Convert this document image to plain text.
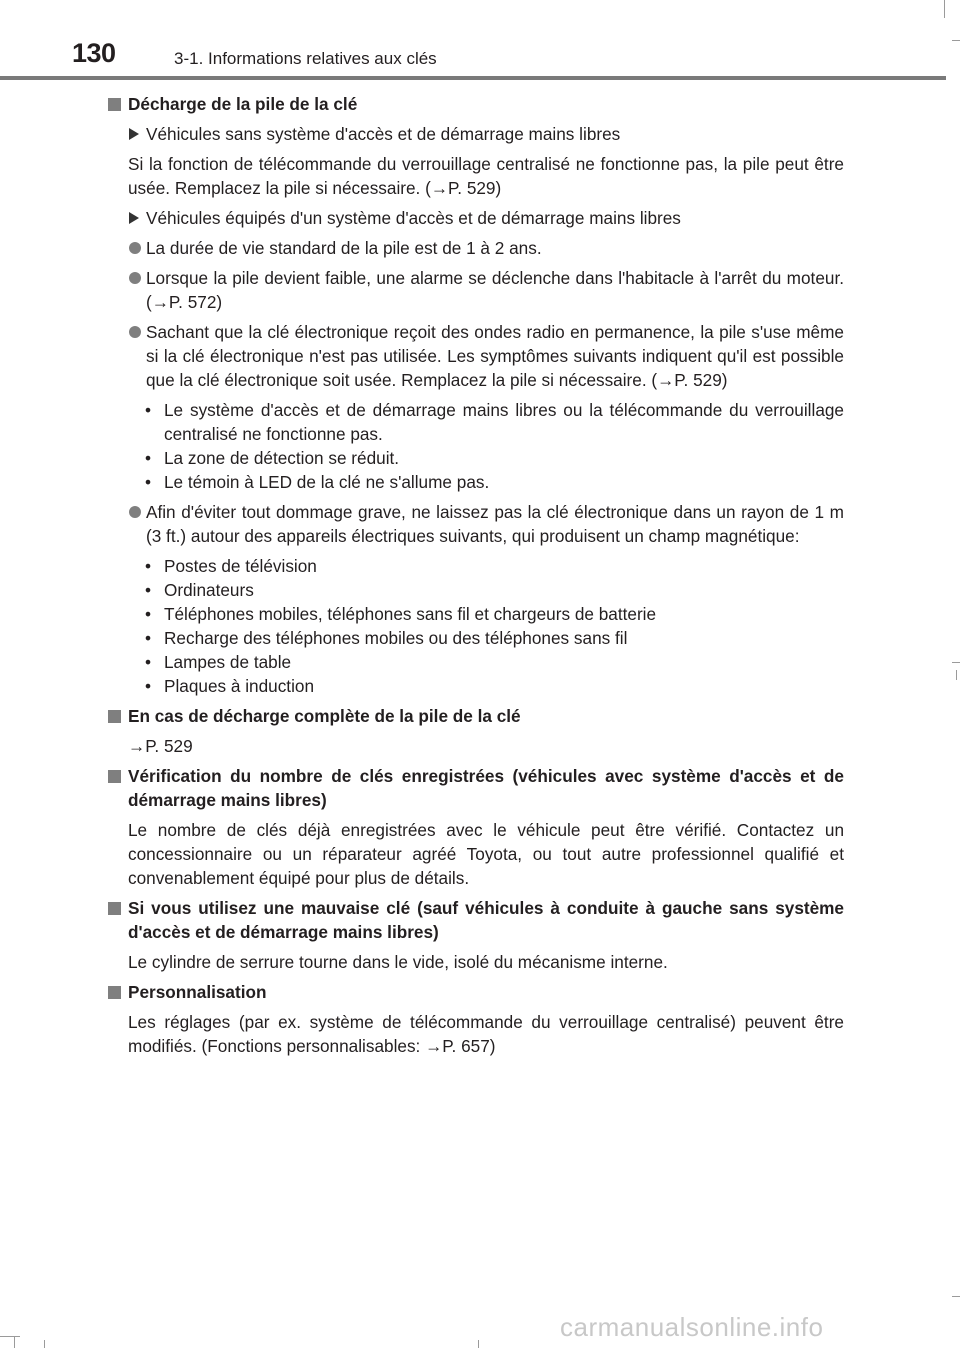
130	3-1. Informations relatives aux clés
Décharge de la pile de la clé
Véhicules sans système d'accès et de démarrage mains libres
Si la fonction de télécommande du verrouillage centralisé ne fonctionne pas, la pile peut être usée. Remplacez la pile si nécessaire. (→P. 529)
Véhicules équipés d'un système d'accès et de démarrage mains libres
La durée de vie standard de la pile est de 1 à 2 ans.
Lorsque la pile devient faible, une alarme se déclenche dans l'habitacle à l'arrêt du moteur. (→P. 572)
Sachant que la clé électronique reçoit des ondes radio en permanence, la pile s'use même si la clé électronique n'est pas utilisée. Les symptômes suivants indiquent qu'il est possible que la clé électronique soit usée. Remplacez la pile si nécessaire. (→P. 529)
• Le système d'accès et de démarrage mains libres ou la télécommande du verrouillage centralisé ne fonctionne pas.
• La zone de détection se réduit.
• Le témoin à LED de la clé ne s'allume pas.
Afin d'éviter tout dommage grave, ne laissez pas la clé électronique dans un rayon de 1 m (3 ft.) autour des appareils électriques suivants, qui produisent un champ magnétique:
• Postes de télévision
• Ordinateurs
• Téléphones mobiles, téléphones sans fil et chargeurs de batterie
• Recharge des téléphones mobiles ou des téléphones sans fil
• Lampes de table
• Plaques à induction
En cas de décharge complète de la pile de la clé
→P. 529
Vérification du nombre de clés enregistrées (véhicules avec système d'accès et de démarrage mains libres)
Le nombre de clés déjà enregistrées avec le véhicule peut être vérifié. Contactez un concessionnaire ou un réparateur agréé Toyota, ou tout autre professionnel qualifié et convenablement équipé pour plus de détails.
Si vous utilisez une mauvaise clé (sauf véhicules à conduite à gauche sans système d'accès et de démarrage mains libres)
Le cylindre de serrure tourne dans le vide, isolé du mécanisme interne.
Personnalisation
Les réglages (par ex. système de télécommande du verrouillage centralisé) peuvent être modifiés. (Fonctions personnalisables: →P. 657)
carmanualsonline.info
